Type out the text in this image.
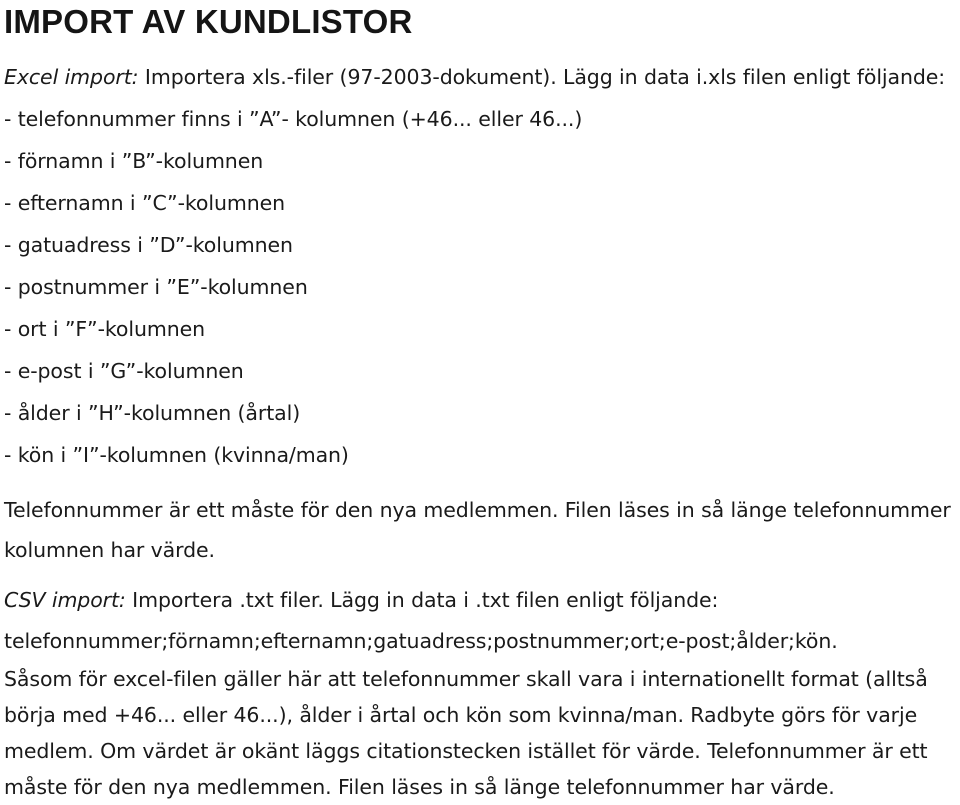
IMPORT AV KUNDLISTOR
Excel import: Importera xls.-filer (97-2003-dokument). Lägg in data i.xls filen enligt följande:
- telefonnummer finns i ”A”- kolumnen (+46... eller 46...)
- förnamn i ”B”-kolumnen
- efternamn i ”C”-kolumnen
- gatuadress i ”D”-kolumnen
- postnummer i ”E”-kolumnen
- ort i ”F”-kolumnen
- e-post i ”G”-kolumnen
- ålder i ”H”-kolumnen (årtal)
- kön i ”I”-kolumnen (kvinna/man)
Telefonnummer är ett måste för den nya medlemmen. Filen läses in så länge telefonnummer
kolumnen har värde.
CSV import: Importera .txt filer. Lägg in data i .txt filen enligt följande:
telefonnummer;förnamn;efternamn;gatuadress;postnummer;ort;e-post;ålder;kön.
Såsom för excel-filen gäller här att telefonnummer skall vara i internationellt format (alltså
börja med +46... eller 46...), ålder i årtal och kön som kvinna/man. Radbyte görs för varje
medlem. Om värdet är okänt läggs citationstecken istället för värde. Telefonnummer är ett
måste för den nya medlemmen. Filen läses in så länge telefonnummer har värde.
